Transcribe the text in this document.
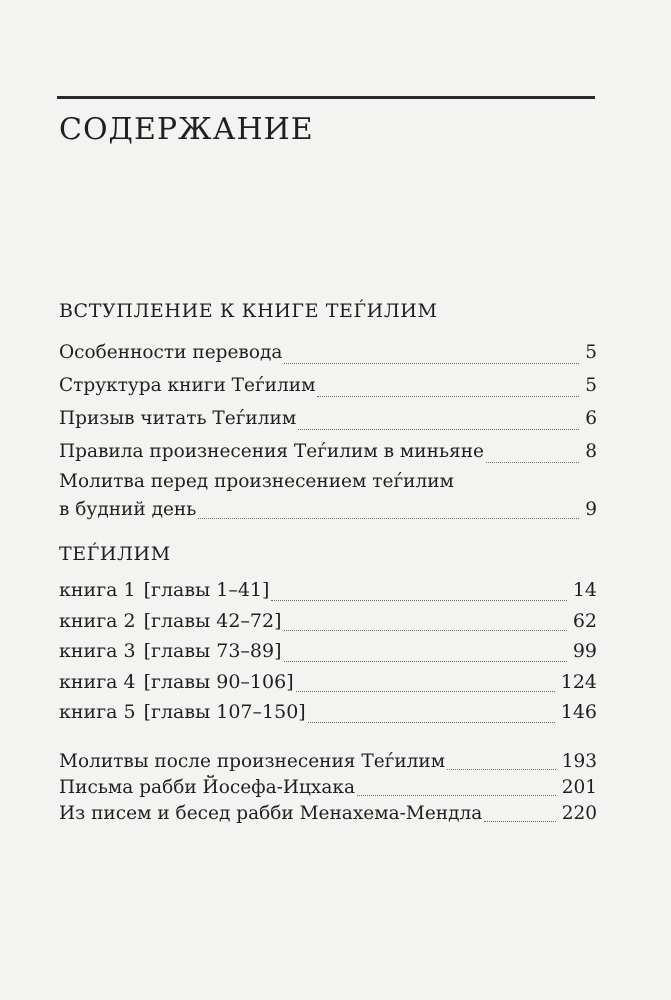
СОДЕРЖАНИЕ
ВСТУПЛЕНИЕ К КНИГЕ ТЕЃИЛИМ
Особенности перевода	5
Структура книги Теѓилим	5
Призыв читать Теѓилим	6
Правила произнесения Теѓилим в миньяне	8
Молитва перед произнесением теѓилим
в будний день	9
ТЕЃИЛИМ
книга 1 [главы 1–41]	14
книга 2 [главы 42–72]	62
книга 3 [главы 73–89]	99
книга 4 [главы 90–106]	124
книга 5 [главы 107–150]	146
Молитвы после произнесения Теѓилим	193
Письма рабби Йосефа-Ицхака	201
Из писем и бесед рабби Менахема-Мендла	220
